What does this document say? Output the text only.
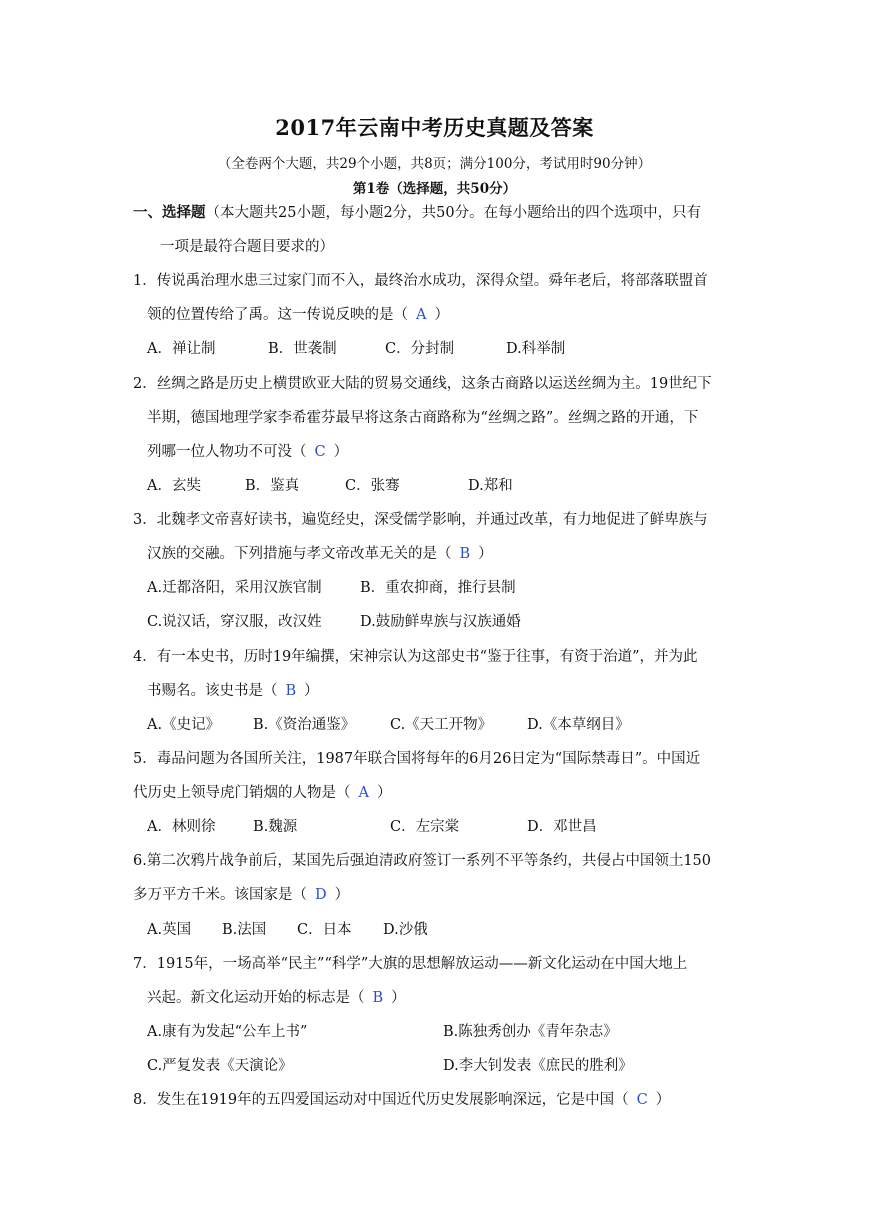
2017年云南中考历史真题及答案
（全卷两个大题，共29个小题，共8页；满分100分，考试用时90分钟）
第1卷（选择题，共50分）
一、选择题（本大题共25小题，每小题2分，共50分。在每小题给出的四个选项中，只有
一项是最符合题目要求的）
1．传说禹治理水患三过家门而不入，最终治水成功，深得众望。舜年老后，将部落联盟首
领的位置传给了禹。这一传说反映的是（ A ）
A．禅让制	B．世袭制	C．分封制	D.科举制
2．丝绸之路是历史上横贯欧亚大陆的贸易交通线，这条古商路以运送丝绸为主。19世纪下
半期，德国地理学家李希霍芬最早将这条古商路称为“丝绸之路”。丝绸之路的开通，下
列哪一位人物功不可没（ C ）
A．玄奘	B．鉴真	C．张骞	D.郑和
3．北魏孝文帝喜好读书，遍览经史，深受儒学影响，并通过改革，有力地促进了鲜卑族与
汉族的交融。下列措施与孝文帝改革无关的是（ B ）
A.迁都洛阳，采用汉族官制	B．重农抑商，推行县制
C.说汉话，穿汉服，改汉姓	D.鼓励鲜卑族与汉族通婚
4．有一本史书，历时19年编撰，宋神宗认为这部史书“鉴于往事，有资于治道”，并为此
书赐名。该史书是（ B ）
A.《史记》 B.《资治通鉴》 C.《天工开物》 D.《本草纲目》
5．毒品问题为各国所关注，1987年联合国将每年的6月26日定为“国际禁毒日”。中国近
代历史上领导虎门销烟的人物是（ A ）
A．林则徐	B.魏源	C．左宗棠	D．邓世昌
6.第二次鸦片战争前后，某国先后强迫清政府签订一系列不平等条约，共侵占中国领土150
多万平方千米。该国家是（ D ）
A.英国 B.法国 C．日本 D.沙俄
7．1915年，一场高举“民主”“科学”大旗的思想解放运动——新文化运动在中国大地上
兴起。新文化运动开始的标志是（ B ）
A.康有为发起“公车上书”	B.陈独秀创办《青年杂志》
C.严复发表《天演论》	D.李大钊发表《庶民的胜利》
8．发生在1919年的五四爱国运动对中国近代历史发展影响深远，它是中国（ C ）
